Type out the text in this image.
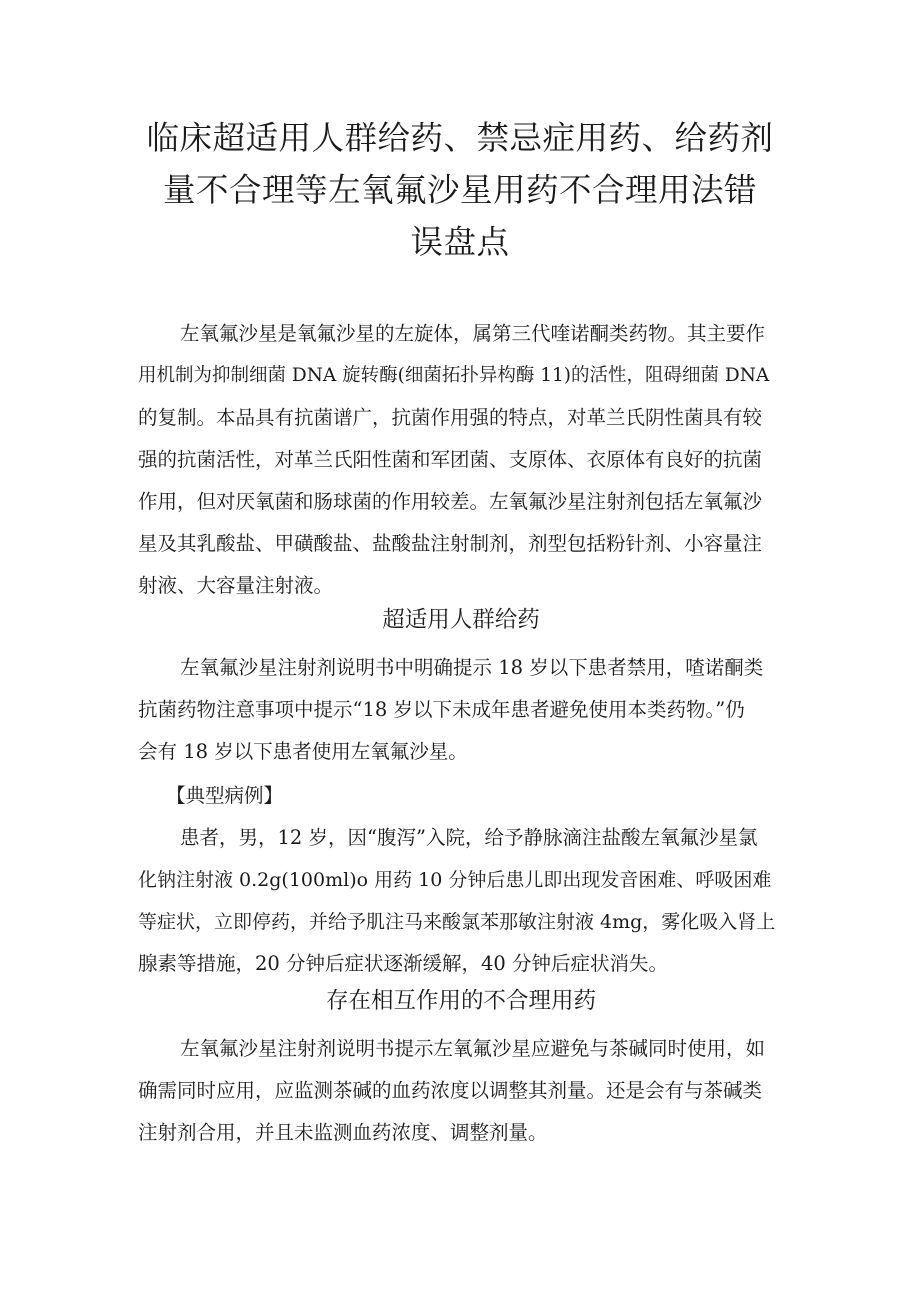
临床超适用人群给药、禁忌症用药、给药剂
量不合理等左氧氟沙星用药不合理用法错
误盘点

左氧氟沙星是氧氟沙星的左旋体，属第三代喹诺酮类药物。其主要作
用机制为抑制细菌 DNA 旋转酶(细菌拓扑异构酶 11)的活性，阻碍细菌 DNA
的复制。本品具有抗菌谱广，抗菌作用强的特点，对革兰氏阴性菌具有较
强的抗菌活性，对革兰氏阳性菌和军团菌、支原体、衣原体有良好的抗菌
作用，但对厌氧菌和肠球菌的作用较差。左氧氟沙星注射剂包括左氧氟沙
星及其乳酸盐、甲磺酸盐、盐酸盐注射制剂，剂型包括粉针剂、小容量注
射液、大容量注射液。

超适用人群给药

左氧氟沙星注射剂说明书中明确提示 18 岁以下患者禁用，喳诺酮类
抗菌药物注意事项中提示“18 岁以下未成年患者避免使用本类药物。”仍
会有 18 岁以下患者使用左氧氟沙星。

【典型病例】

患者，男，12 岁，因“腹泻”入院，给予静脉滴注盐酸左氧氟沙星氯
化钠注射液 0.2g(100ml)o 用药 10 分钟后患儿即出现发音困难、呼吸困难
等症状，立即停药，并给予肌注马来酸氯苯那敏注射液 4mg，雾化吸入肾上
腺素等措施，20 分钟后症状逐渐缓解，40 分钟后症状消失。

存在相互作用的不合理用药

左氧氟沙星注射剂说明书提示左氧氟沙星应避免与茶碱同时使用，如
确需同时应用，应监测茶碱的血药浓度以调整其剂量。还是会有与茶碱类
注射剂合用，并且未监测血药浓度、调整剂量。
